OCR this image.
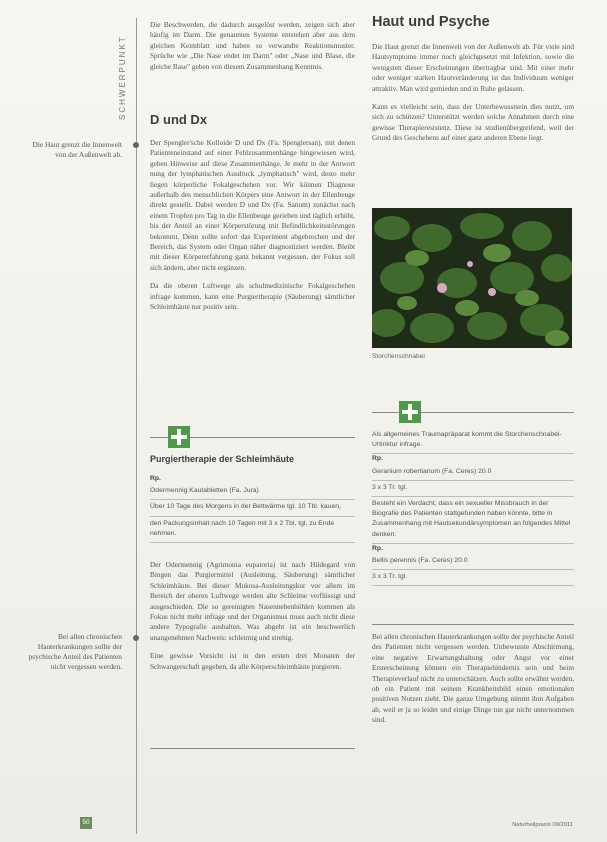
SCHWERPUNKT
Die Haut grenzt die Innenwelt von der Außenwelt ab.
Bei allen chronischen Hauterkrankungen sollte der psychische Anteil des Patienten nicht vergessen werden.

Die Beschwerden, die dadurch ausgelöst werden, zeigen sich aber häufig im Darm. Die genannten Systeme entstehen aber aus dem gleichen Keimblatt und haben so verwandte Reaktionsmuster. Sprüche wie „Die Nase endet im Darm" oder „Nase und Blase, die gleiche Base" geben von diesem Zusammenhang Kenntnis.

D und Dx

Der Spengler'sche Kolloide D und Dx (Fa. Spenglersan), mit denen Patienteneinstand auf einer Fehlzusammenhänge hingewiesen wird, geben Hinweise auf diese Zusammenhänge. Je mehr in der Antwort nung der lymphatischen Ausdruck „lymphatisch" wird, desto mehr liegen körperliche Fokalgeschehen vor. Wir können Diagnose außerhalb des menschlichen Körpers eine Antwort in der Ellenbeuge direkt gestellt. Dabei werden D und Dx (Fa. Sanum) zunächst nach einem Tropfen pro Tag in die Ellenbeuge gerieben und täglich erhöht, bis der Anteil an einer Körperstörung mit Befindlichkeitsstörungen bekommt. Denn sollte sofort das Experiment abgebrochen und der Bereich, das System oder Organ näher diagnostiziert werden. Bleibt mit dieser Körpererfahrung ganz bekannt vergessen, der Fokus soll sich ändern, aber nicht ergänzen.

Da die oberen Luftwege als schulmedizinische Fokalgeschehen infrage kommen, kann eine Purgiertherapie (Säuberung) sämtlicher Schleimhäute nur positiv sein.

Purgiertherapie der Schleimhäute
Rp.
Odermennig Kautabletten (Fa. Jura)
Über 10 Tage des Morgens in der Bettwärme tgl. 10 Tbl. kauen,
den Packungsinhalt nach 10 Tagen mit 3 x 2 Tbl. tgl. zu Ende nehmen.

Der Odermennig (Agrimonia eupatoria) ist nach Hildegard von Bingen das Purgiermittel (Ausleitung, Säuberung) sämtlicher Schleimhäute. Bei dieser Mukosa-Ausleitungskur vor allem im Bereich der oberen Luftwege werden alte Schleime verflüssigt und ausgeschieden. Die so gereinigten Nasennebenhöhlen kommen als Fokus nicht mehr infrage und der Organismus muss auch nicht diese andere Typografie aushalten. Was abgeht ist ein beschwerlich unangenehmen Nachweis: schleimig und strehig.

Eine gewisse Vorsicht ist in den ersten drei Monaten der Schwangerschaft gegeben, da alle Körperschleimhäute purgieren.

Haut und Psyche

Die Haut grenzt die Innenwelt von der Außenwelt ab. Für viele sind Hautsymptome immer noch gleichgesetzt mit Infektion, sowie die wenigsten dieser Erscheinungen übertragbar sind. Mit einer mehr oder weniger starken Hautveränderung ist das Individuum weniger attraktiv. Man wird gemieden und in Ruhe gelassen.

Kann es vielleicht sein, dass der Unterbewusstsein dies nutzt, um sich zu schützen? Unterstützt werden solche Annahmen durch eine gewisse Therapieresistenz. Diese ist studienübergreifend, weil der Grund des Geschehens auf einer ganz anderen Ebene liegt.

Storchenschnabel
Als allgemeines Traumapräparat kommt die Storchenschnabel-Urtinktur infrage.
Rp.
Geranium robertianum (Fa. Ceres) 20.0
3 x 3 Tr. tgl.
Besteht ein Verdacht, dass ein sexueller Missbrauch in der Biografie des Patienten stattgefunden haben könnte, bitte in Zusammenhang mit Hautsekundärsymptomen an folgendes Mittel denken:
Rp.
Bellis perennis (Fa. Ceres) 20.0
3 x 3 Tr. tgl.

Bei allen chronischen Hauterkrankungen sollte der psychische Anteil des Patienten nicht vergessen werden. Unbewusste Abschirmung, eine negative Erwartungshaltung oder Angst vor einer Ersterscheinung können ein Therapiehindernis sein und beim Therapieverlauf nicht zu unterschätzen. Auch sollte erwähnt werden, ob ein Patient mit seinem Krankheitsbild einen emotionalen positiven Nutzen zieht. Die ganze Umgebung nimmt ihm Aufgaben ab, weil er ja so leidet und einige Dinge tun gar nicht unternommen sind.

50	Naturheilpraxis 09/2011
